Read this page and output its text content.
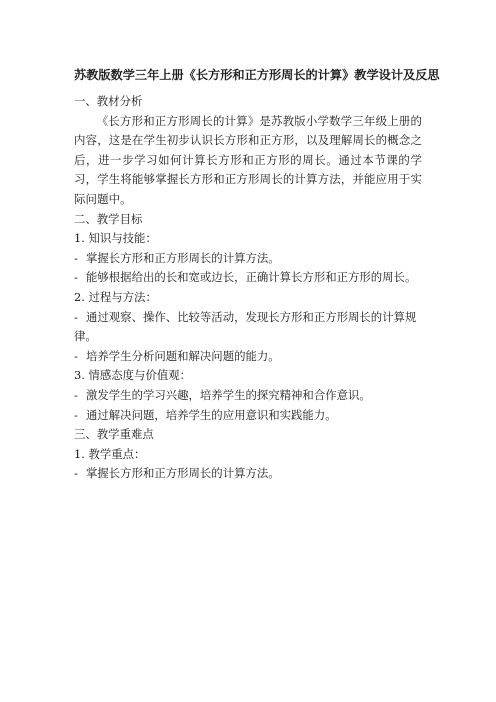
苏教版数学三年上册《长方形和正方形周长的计算》教学设计及反思

一、教材分析

《长方形和正方形周长的计算》是苏教版小学数学三年级上册的内容，这是在学生初步认识长方形和正方形，以及理解周长的概念之后，进一步学习如何计算长方形和正方形的周长。通过本节课的学习，学生将能够掌握长方形和正方形周长的计算方法，并能应用于实际问题中。

二、教学目标

1. 知识与技能：

- 掌握长方形和正方形周长的计算方法。

- 能够根据给出的长和宽或边长，正确计算长方形和正方形的周长。

2. 过程与方法：

- 通过观察、操作、比较等活动，发现长方形和正方形周长的计算规律。

- 培养学生分析问题和解决问题的能力。

3. 情感态度与价值观：

- 激发学生的学习兴趣，培养学生的探究精神和合作意识。

- 通过解决问题，培养学生的应用意识和实践能力。

三、教学重难点

1. 教学重点：

- 掌握长方形和正方形周长的计算方法。
